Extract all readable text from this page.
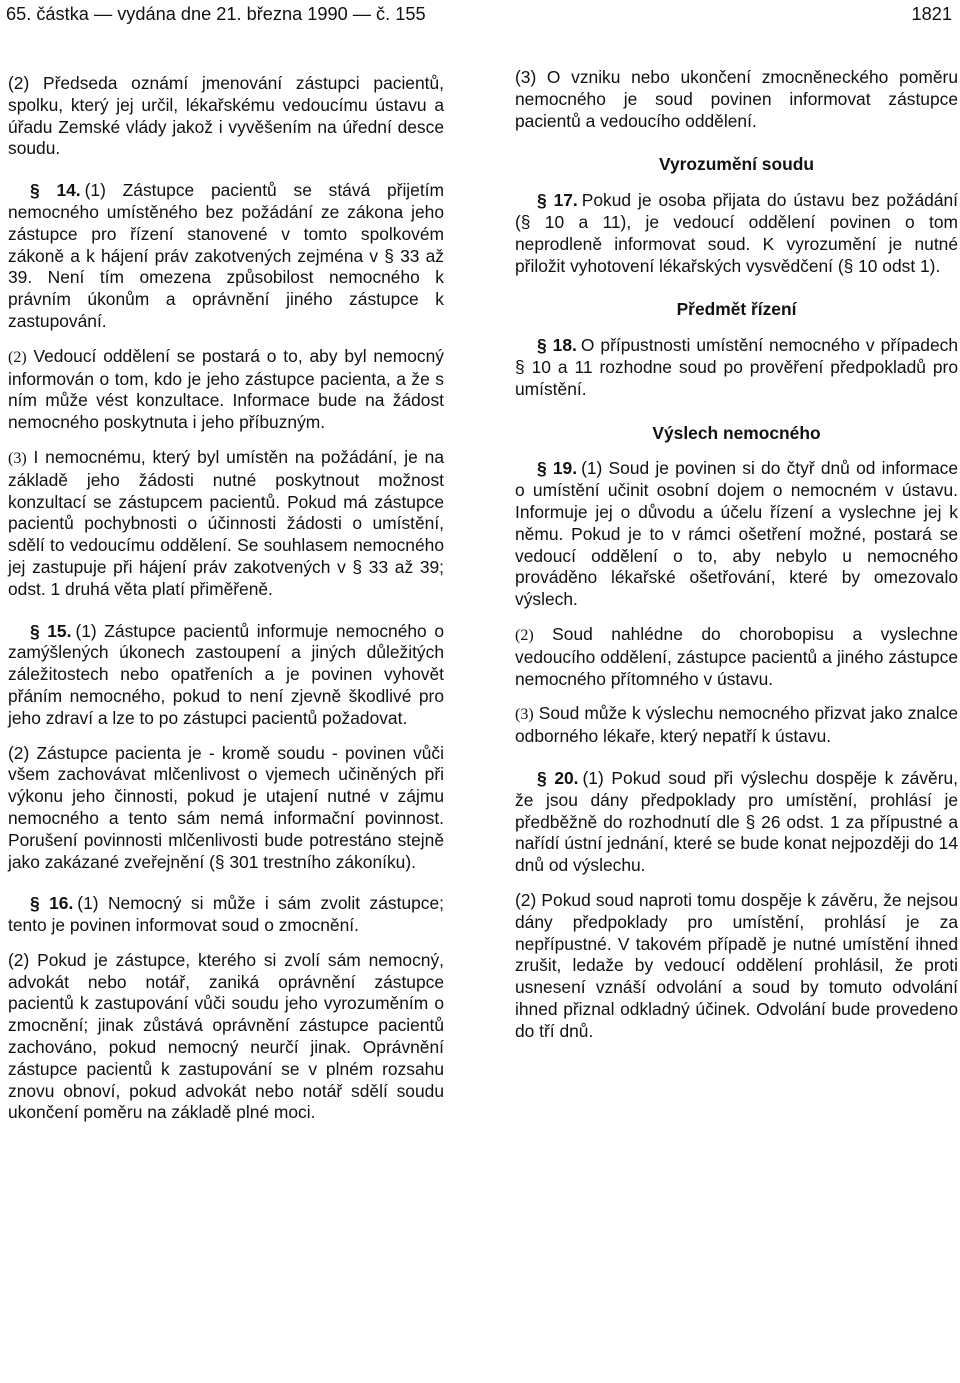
65. částka — vydána dne 21. března 1990 — č. 155	1821

(2) Předseda oznámí jmenování zástupci pacientů, spolku, který jej určil, lékařskému vedoucímu ústavu a úřadu Zemské vlády jakož i vyvěšením na úřední desce soudu.

§ 14. (1) Zástupce pacientů se stává přijetím nemocného umístěného bez požádání ze zákona jeho zástupce pro řízení stanovené v tomto spolkovém zákoně a k hájení práv zakotvených zejména v § 33 až 39. Není tím omezena způsobilost nemocného k právním úkonům a oprávnění jiného zástupce k zastupování.

(2) Vedoucí oddělení se postará o to, aby byl nemocný informován o tom, kdo je jeho zástupce pacienta, a že s ním může vést konzultace. Informace bude na žádost nemocného poskytnuta i jeho příbuzným.

(3) I nemocnému, který byl umístěn na požádání, je na základě jeho žádosti nutné poskytnout možnost konzultací se zástupcem pacientů. Pokud má zástupce pacientů pochybnosti o účinnosti žádosti o umístění, sdělí to vedoucímu oddělení. Se souhlasem nemocného jej zastupuje při hájení práv zakotvených v § 33 až 39; odst. 1 druhá věta platí přiměřeně.

§ 15. (1) Zástupce pacientů informuje nemocného o zamýšlených úkonech zastoupení a jiných důležitých záležitostech nebo opatřeních a je povinen vyhovět přáním nemocného, pokud to není zjevně škodlivé pro jeho zdraví a lze to po zástupci pacientů požadovat.

(2) Zástupce pacienta je - kromě soudu - povinen vůči všem zachovávat mlčenlivost o vjemech učiněných při výkonu jeho činnosti, pokud je utajení nutné v zájmu nemocného a tento sám nemá informační povinnost. Porušení povinnosti mlčenlivosti bude potrestáno stejně jako zakázané zveřejnění (§ 301 trestního zákoníku).

§ 16. (1) Nemocný si může i sám zvolit zástupce; tento je povinen informovat soud o zmocnění.

(2) Pokud je zástupce, kterého si zvolí sám nemocný, advokát nebo notář, zaniká oprávnění zástupce pacientů k zastupování vůči soudu jeho vyrozuměním o zmocnění; jinak zůstává oprávnění zástupce pacientů zachováno, pokud nemocný neurčí jinak. Oprávnění zástupce pacientů k zastupování se v plném rozsahu znovu obnoví, pokud advokát nebo notář sdělí soudu ukončení poměru na základě plné moci.

(3) O vzniku nebo ukončení zmocněneckého poměru nemocného je soud povinen informovat zástupce pacientů a vedoucího oddělení.

Vyrozumění soudu

§ 17. Pokud je osoba přijata do ústavu bez požádání (§ 10 a 11), je vedoucí oddělení povinen o tom neprodleně informovat soud. K vyrozumění je nutné přiložit vyhotovení lékařských vysvědčení (§ 10 odst 1).

Předmět řízení

§ 18. O přípustnosti umístění nemocného v případech § 10 a 11 rozhodne soud po prověření předpokladů pro umístění.

Výslech nemocného

§ 19. (1) Soud je povinen si do čtyř dnů od informace o umístění učinit osobní dojem o nemocném v ústavu. Informuje jej o důvodu a účelu řízení a vyslechne jej k němu. Pokud je to v rámci ošetření možné, postará se vedoucí oddělení o to, aby nebylo u nemocného prováděno lékařské ošetřování, které by omezovalo výslech.

(2) Soud nahlédne do chorobopisu a vyslechne vedoucího oddělení, zástupce pacientů a jiného zástupce nemocného přítomného v ústavu.

(3) Soud může k výslechu nemocného přizvat jako znalce odborného lékaře, který nepatří k ústavu.

§ 20. (1) Pokud soud při výslechu dospěje k závěru, že jsou dány předpoklady pro umístění, prohlásí je předběžně do rozhodnutí dle § 26 odst. 1 za přípustné a nařídí ústní jednání, které se bude konat nejpozději do 14 dnů od výslechu.

(2) Pokud soud naproti tomu dospěje k závěru, že nejsou dány předpoklady pro umístění, prohlásí je za nepřípustné. V takovém případě je nutné umístění ihned zrušit, ledaže by vedoucí oddělení prohlásil, že proti usnesení vznáší odvolání a soud by tomuto odvolání ihned přiznal odkladný účinek. Odvolání bude provedeno do tří dnů.
